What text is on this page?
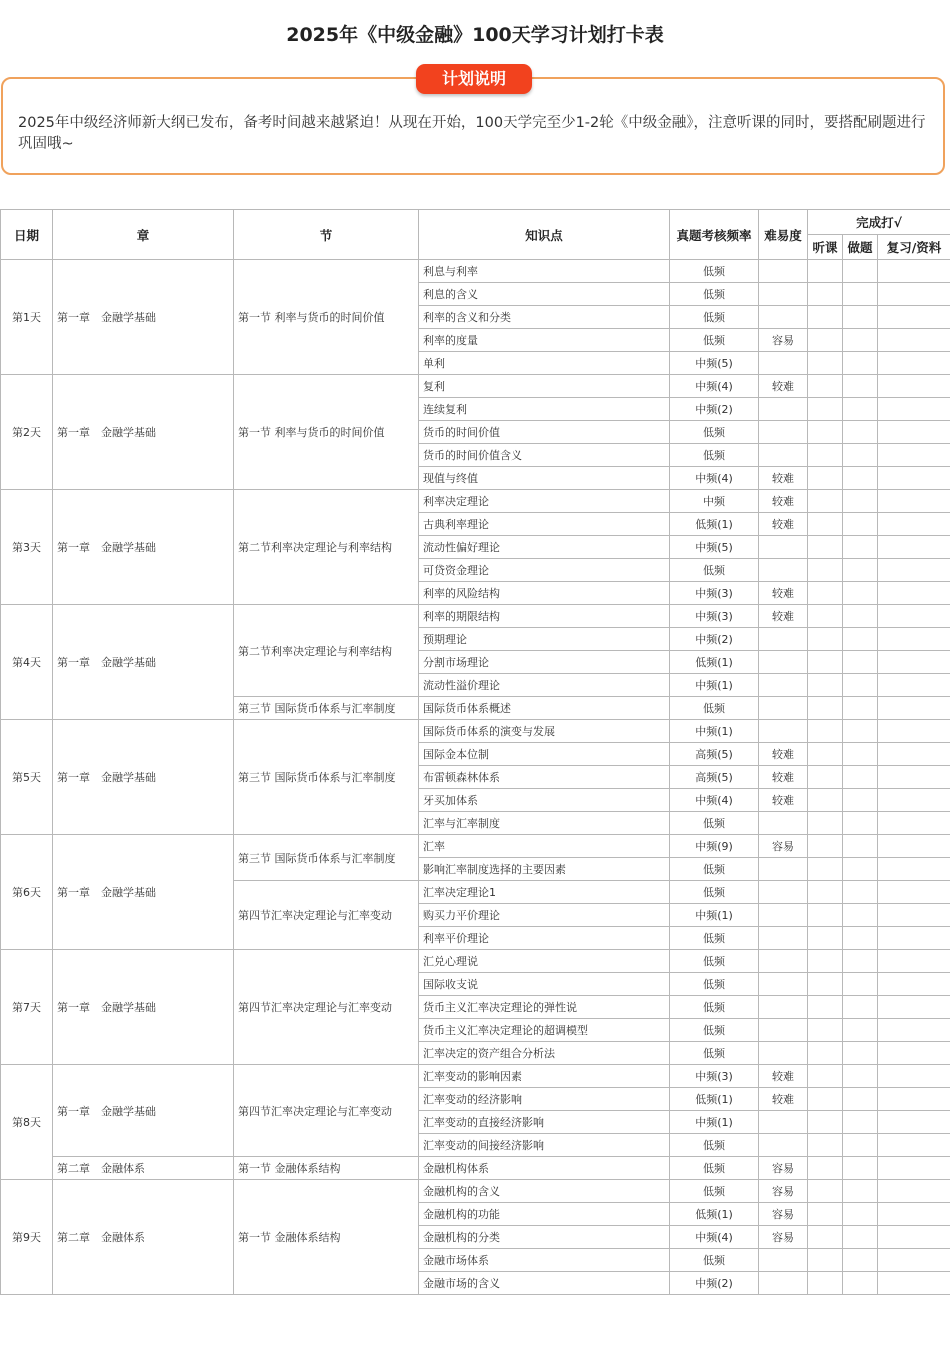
2025年《中级金融》100天学习计划打卡表
计划说明
2025年中级经济师新大纲已发布，备考时间越来越紧迫！从现在开始，100天学完至少1-2轮《中级金融》，注意听课的同时，要搭配刷题进行巩固哦~
日期	章	节	知识点	真题考核频率	难易度	完成打√		
						听课	做题	复习/资料
第1天	第一章　金融学基础	第一节 利率与货币的时间价值	利息与利率	低频				
			利息的含义	低频				
			利率的含义和分类	低频				
			利率的度量	低频	容易			
			单利	中频(5)				
第2天	第一章　金融学基础	第一节 利率与货币的时间价值	复利	中频(4)	较难			
			连续复利	中频(2)				
			货币的时间价值	低频				
			货币的时间价值含义	低频				
			现值与终值	中频(4)	较难			
第3天	第一章　金融学基础	第二节利率决定理论与利率结构	利率决定理论	中频	较难			
			古典利率理论	低频(1)	较难			
			流动性偏好理论	中频(5)				
			可贷资金理论	低频				
			利率的风险结构	中频(3)	较难			
第4天	第一章　金融学基础	第二节利率决定理论与利率结构	利率的期限结构	中频(3)	较难			
			预期理论	中频(2)				
			分割市场理论	低频(1)				
			流动性溢价理论	中频(1)				
		第三节 国际货币体系与汇率制度	国际货币体系概述	低频				
第5天	第一章　金融学基础	第三节 国际货币体系与汇率制度	国际货币体系的演变与发展	中频(1)				
			国际金本位制	高频(5)	较难			
			布雷顿森林体系	高频(5)	较难			
			牙买加体系	中频(4)	较难			
			汇率与汇率制度	低频				
第6天	第一章　金融学基础	第三节 国际货币体系与汇率制度	汇率	中频(9)	容易			
			影响汇率制度选择的主要因素	低频				
		第四节汇率决定理论与汇率变动	汇率决定理论1	低频				
			购买力平价理论	中频(1)				
			利率平价理论	低频				
第7天	第一章　金融学基础	第四节汇率决定理论与汇率变动	汇兑心理说	低频				
			国际收支说	低频				
			货币主义汇率决定理论的弹性说	低频				
			货币主义汇率决定理论的超调模型	低频				
			汇率决定的资产组合分析法	低频				
第8天	第一章　金融学基础	第四节汇率决定理论与汇率变动	汇率变动的影响因素	中频(3)	较难			
			汇率变动的经济影响	低频(1)	较难			
			汇率变动的直接经济影响	中频(1)				
			汇率变动的间接经济影响	低频				
	第二章　金融体系	第一节 金融体系结构	金融机构体系	低频	容易			
第9天	第二章　金融体系	第一节 金融体系结构	金融机构的含义	低频	容易			
			金融机构的功能	低频(1)	容易			
			金融机构的分类	中频(4)	容易			
			金融市场体系	低频				
			金融市场的含义	中频(2)				
